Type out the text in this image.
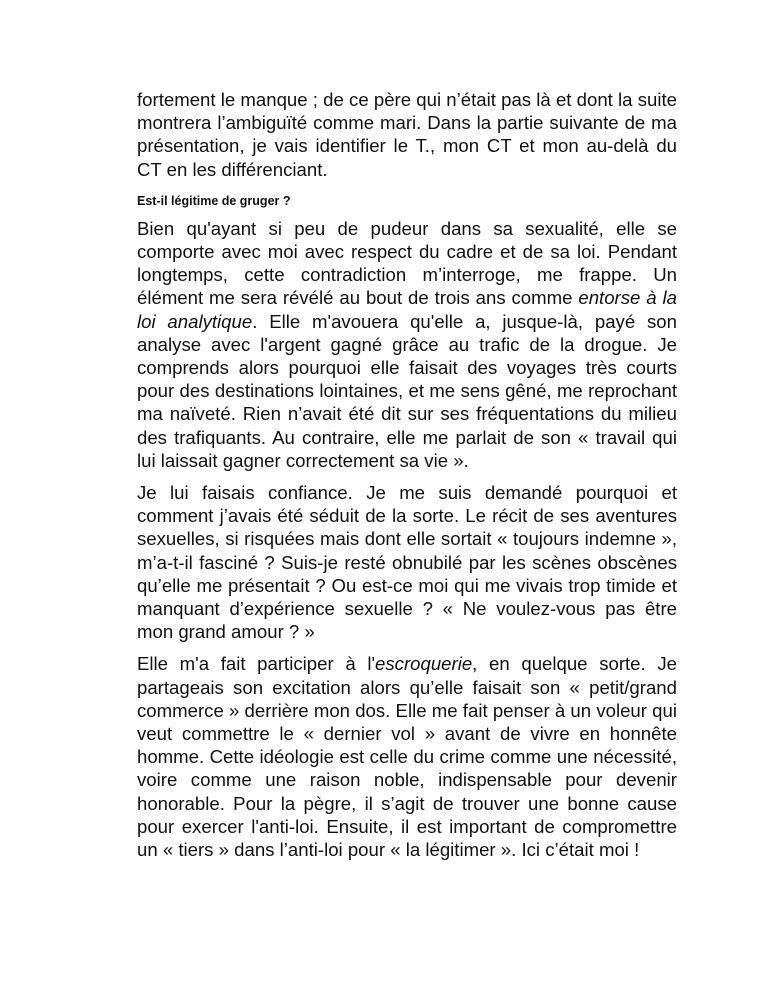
fortement le manque ; de ce père qui n’était pas là et dont la suite montrera l’ambiguïté comme mari. Dans la partie suivante de ma présentation, je vais identifier le T., mon CT et mon au-delà du CT en les différenciant.

Est-il légitime de gruger ?

Bien qu'ayant si peu de pudeur dans sa sexualité, elle se comporte avec moi avec respect du cadre et de sa loi. Pendant longtemps, cette contradiction m’interroge, me frappe. Un élément me sera révélé au bout de trois ans comme entorse à la loi analytique. Elle m'avouera qu'elle a, jusque-là, payé son analyse avec l'argent gagné grâce au trafic de la drogue. Je comprends alors pourquoi elle faisait des voyages très courts pour des destinations lointaines, et me sens gêné, me reprochant ma naïveté. Rien n’avait été dit sur ses fréquentations du milieu des trafiquants. Au contraire, elle me parlait de son « travail qui lui laissait gagner correctement sa vie ».

Je lui faisais confiance. Je me suis demandé pourquoi et comment j’avais été séduit de la sorte. Le récit de ses aventures sexuelles, si risquées mais dont elle sortait « toujours indemne », m’a-t-il fasciné ? Suis-je resté obnubilé par les scènes obscènes qu’elle me présentait ? Ou est-ce moi qui me vivais trop timide et manquant d’expérience sexuelle ? « Ne voulez-vous pas être mon grand amour ? »

Elle m'a fait participer à l'escroquerie, en quelque sorte. Je partageais son excitation alors qu’elle faisait son « petit/grand commerce » derrière mon dos. Elle me fait penser à un voleur qui veut commettre le « dernier vol » avant de vivre en honnête homme. Cette idéologie est celle du crime comme une nécessité, voire comme une raison noble, indispensable pour devenir honorable. Pour la pègre, il s’agit de trouver une bonne cause pour exercer l'anti-loi. Ensuite, il est important de compromettre un « tiers » dans l’anti-loi pour « la légitimer ». Ici c’était moi !
